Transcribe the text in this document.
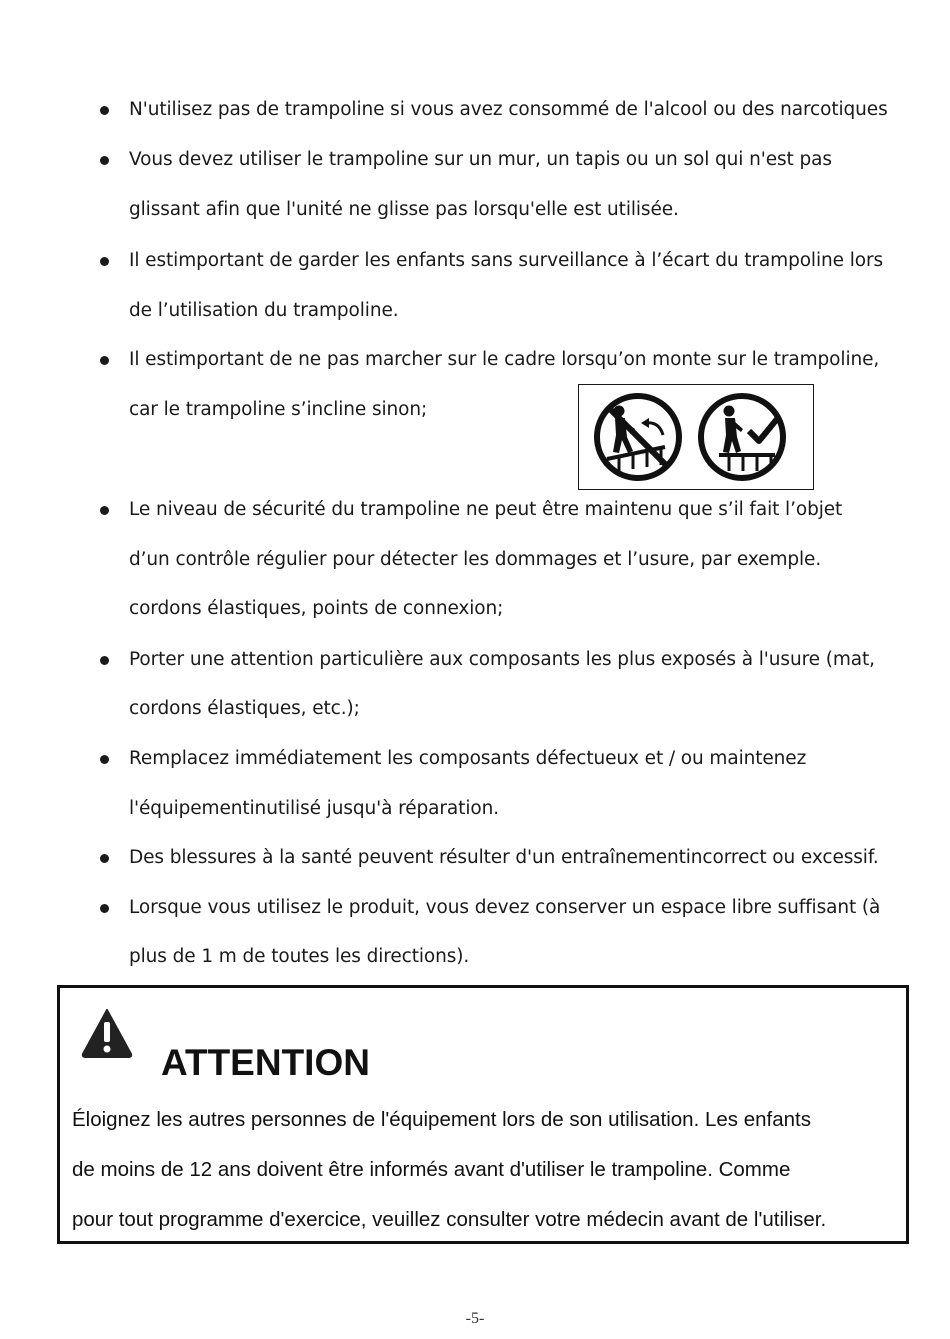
N'utilisez pas de trampoline si vous avez consommé de l'alcool ou des narcotiques
Vous devez utiliser le trampoline sur un mur, un tapis ou un sol qui n'est pas
glissant afin que l'unité ne glisse pas lorsqu'elle est utilisée.
Il estimportant de garder les enfants sans surveillance à l’écart du trampoline lors
de l’utilisation du trampoline.
Il estimportant de ne pas marcher sur le cadre lorsqu’on monte sur le trampoline,
car le trampoline s’incline sinon;
Le niveau de sécurité du trampoline ne peut être maintenu que s’il fait l’objet
d’un contrôle régulier pour détecter les dommages et l’usure, par exemple.
cordons élastiques, points de connexion;
Porter une attention particulière aux composants les plus exposés à l'usure (mat,
cordons élastiques, etc.);
Remplacez immédiatement les composants défectueux et / ou maintenez
l'équipementinutilisé jusqu'à réparation.
Des blessures à la santé peuvent résulter d'un entraînementincorrect ou excessif.
Lorsque vous utilisez le produit, vous devez conserver un espace libre suffisant (à
plus de 1 m de toutes les directions).
ATTENTION
Éloignez les autres personnes de l'équipement lors de son utilisation. Les enfants
de moins de 12 ans doivent être informés avant d'utiliser le trampoline. Comme
pour tout programme d'exercice, veuillez consulter votre médecin avant de l'utiliser.
-5-
